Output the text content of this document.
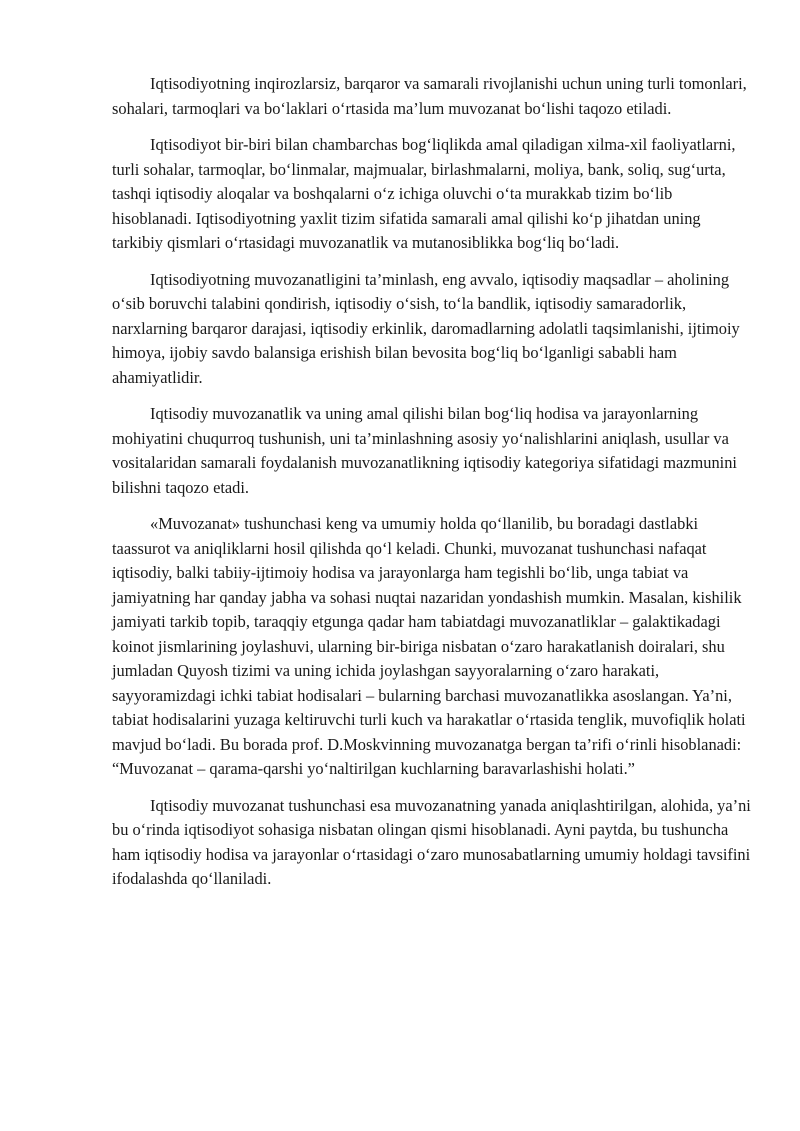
Iqtisodiyotning inqirozlarsiz, barqaror va samarali rivojlanishi uchun uning turli tomonlari, sohalari, tarmoqlari va bo‘laklari o‘rtasida ma’lum muvozanat bo‘lishi taqozo etiladi.

Iqtisodiyot bir-biri bilan chambarchas bog‘liqlikda amal qiladigan xilma-xil faoliyatlarni, turli sohalar, tarmoqlar, bo‘linmalar, majmualar, birlashmalarni, moliya, bank, soliq, sug‘urta, tashqi iqtisodiy aloqalar va boshqalarni o‘z ichiga oluvchi o‘ta murakkab tizim bo‘lib hisoblanadi. Iqtisodiyotning yaxlit tizim sifatida samarali amal qilishi ko‘p jihatdan uning tarkibiy qismlari o‘rtasidagi muvozanatlik va mutanosiblikka bog‘liq bo‘ladi.

Iqtisodiyotning muvozanatligini ta’minlash, eng avvalo, iqtisodiy maqsadlar – aholining o‘sib boruvchi talabini qondirish, iqtisodiy o‘sish, to‘la bandlik, iqtisodiy samaradorlik, narxlarning barqaror darajasi, iqtisodiy erkinlik, daromadlarning adolatli taqsimlanishi, ijtimoiy himoya, ijobiy savdo balansiga erishish bilan bevosita bog‘liq bo‘lganligi sababli ham ahamiyatlidir.

Iqtisodiy muvozanatlik va uning amal qilishi bilan bog‘liq hodisa va jarayonlarning mohiyatini chuqurroq tushunish, uni ta’minlashning asosiy yo‘nalishlarini aniqlash, usullar va vositalaridan samarali foydalanish muvozanatlikning iqtisodiy kategoriya sifatidagi mazmunini bilishni taqozo etadi.

«Muvozanat» tushunchasi keng va umumiy holda qo‘llanilib, bu boradagi dastlabki taassurot va aniqliklarni hosil qilishda qo‘l keladi. Chunki, muvozanat tushunchasi nafaqat iqtisodiy, balki tabiiy-ijtimoiy hodisa va jarayonlarga ham tegishli bo‘lib, unga tabiat va jamiyatning har qanday jabha va sohasi nuqtai nazaridan yondashish mumkin. Masalan, kishilik jamiyati tarkib topib, taraqqiy etgunga qadar ham tabiatdagi muvozanatliklar – galaktikadagi koinot jismlarining joylashuvi, ularning bir-biriga nisbatan o‘zaro harakatlanish doiralari, shu jumladan Quyosh tizimi va uning ichida joylashgan sayyoralarning o‘zaro harakati, sayyoramizdagi ichki tabiat hodisalari – bularning barchasi muvozanatlikka asoslangan. Ya’ni, tabiat hodisalarini yuzaga keltiruvchi turli kuch va harakatlar o‘rtasida tenglik, muvofiqlik holati mavjud bo‘ladi. Bu borada prof. D.Moskvinning muvozanatga bergan ta’rifi o‘rinli hisoblanadi: “Muvozanat – qarama-qarshi yo‘naltirilgan kuchlarning baravarlashishi holati.”

Iqtisodiy muvozanat tushunchasi esa muvozanatning yanada aniqlashtirilgan, alohida, ya’ni bu o‘rinda iqtisodiyot sohasiga nisbatan olingan qismi hisoblanadi. Ayni paytda, bu tushuncha ham iqtisodiy hodisa va jarayonlar o‘rtasidagi o‘zaro munosabatlarning umumiy holdagi tavsifini ifodalashda qo‘llaniladi.
